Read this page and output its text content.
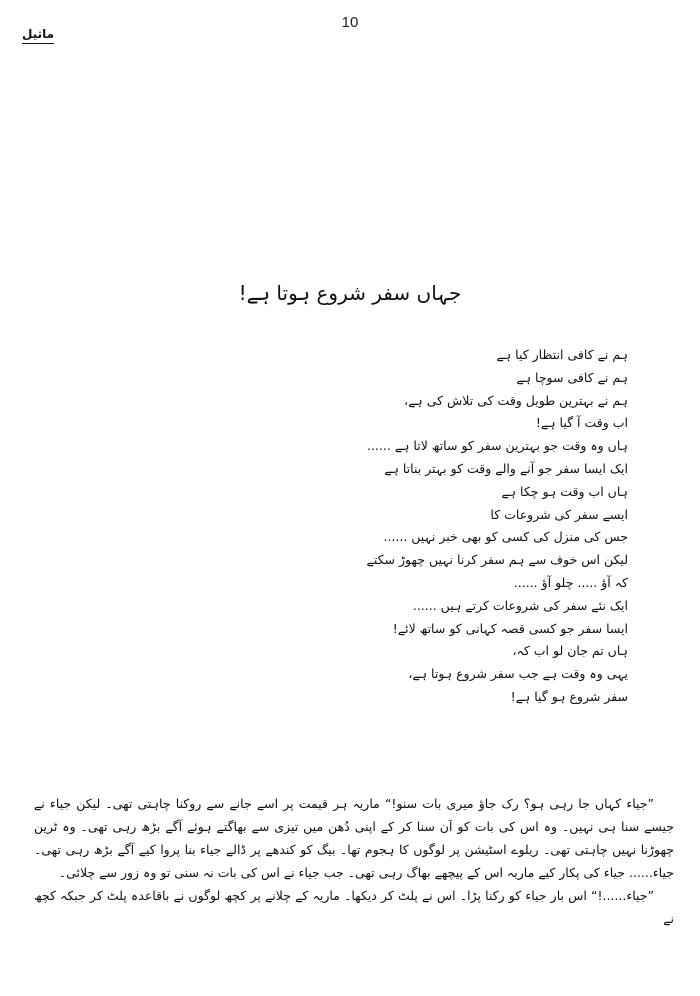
10
ماثیل
جہاں سفر شروع ہوتا ہے!
ہم نے کافی انتظار کیا ہے
ہم نے کافی سوچا ہے
ہم نے بہترین طویل وقت کی تلاش کی ہے،
اب وقت آ گیا ہے!
ہاں وہ وقت جو بہترین سفر کو ساتھ لاتا ہے ......
ایک ایسا سفر جو آنے والے وقت کو بہتر بناتا ہے
ہاں اب وقت ہو چکا ہے
ایسے سفر کی شروعات کا
جس کی منزل کی کسی کو بھی خبر نہیں ......
لیکن اس خوف سے ہم سفر کرنا نہیں چھوڑ سکتے
کہ آؤ ..... چلو آؤ ......
ایک نئے سفر کی شروعات کرتے ہیں ......
ایسا سفر جو کسی قصہ کہانی کو ساتھ لائے!
ہاں تم جان لو اب کہ،
یہی وہ وقت ہے جب سفر شروع ہوتا ہے،
سفر شروع ہو گیا ہے!

”جیاء کہاں جا رہی ہو؟ رک جاؤ میری بات سنو!“ ماریہ ہر قیمت پر اسے جانے سے روکنا چاہتی تھی۔ لیکن جیاء نے جیسے سنا ہی نہیں۔ وہ اس کی بات کو اَن سنا کر کے اپنی دُھن میں تیزی سے بھاگتے ہوئے آگے بڑھ رہی تھی۔ وہ ٹرین چھوڑنا نہیں چاہتی تھی۔ ریلوے اسٹیشن پر لوگوں کا ہجوم تھا۔ بیگ کو کندھے پر ڈالے جیاء بنا پروا کیے آگے بڑھ رہی تھی۔ جیاء...... جیاء کی پکار کیے ماریہ اس کے پیچھے بھاگ رہی تھی۔ جب جیاء نے اس کی بات نہ سنی تو وہ زور سے چلائی۔

”جیاء......!“ اس بار جیاء کو رکنا پڑا۔ اس نے پلٹ کر دیکھا۔ ماریہ کے چلانے پر کچھ لوگوں نے باقاعدہ پلٹ کر جبکہ کچھ نے
